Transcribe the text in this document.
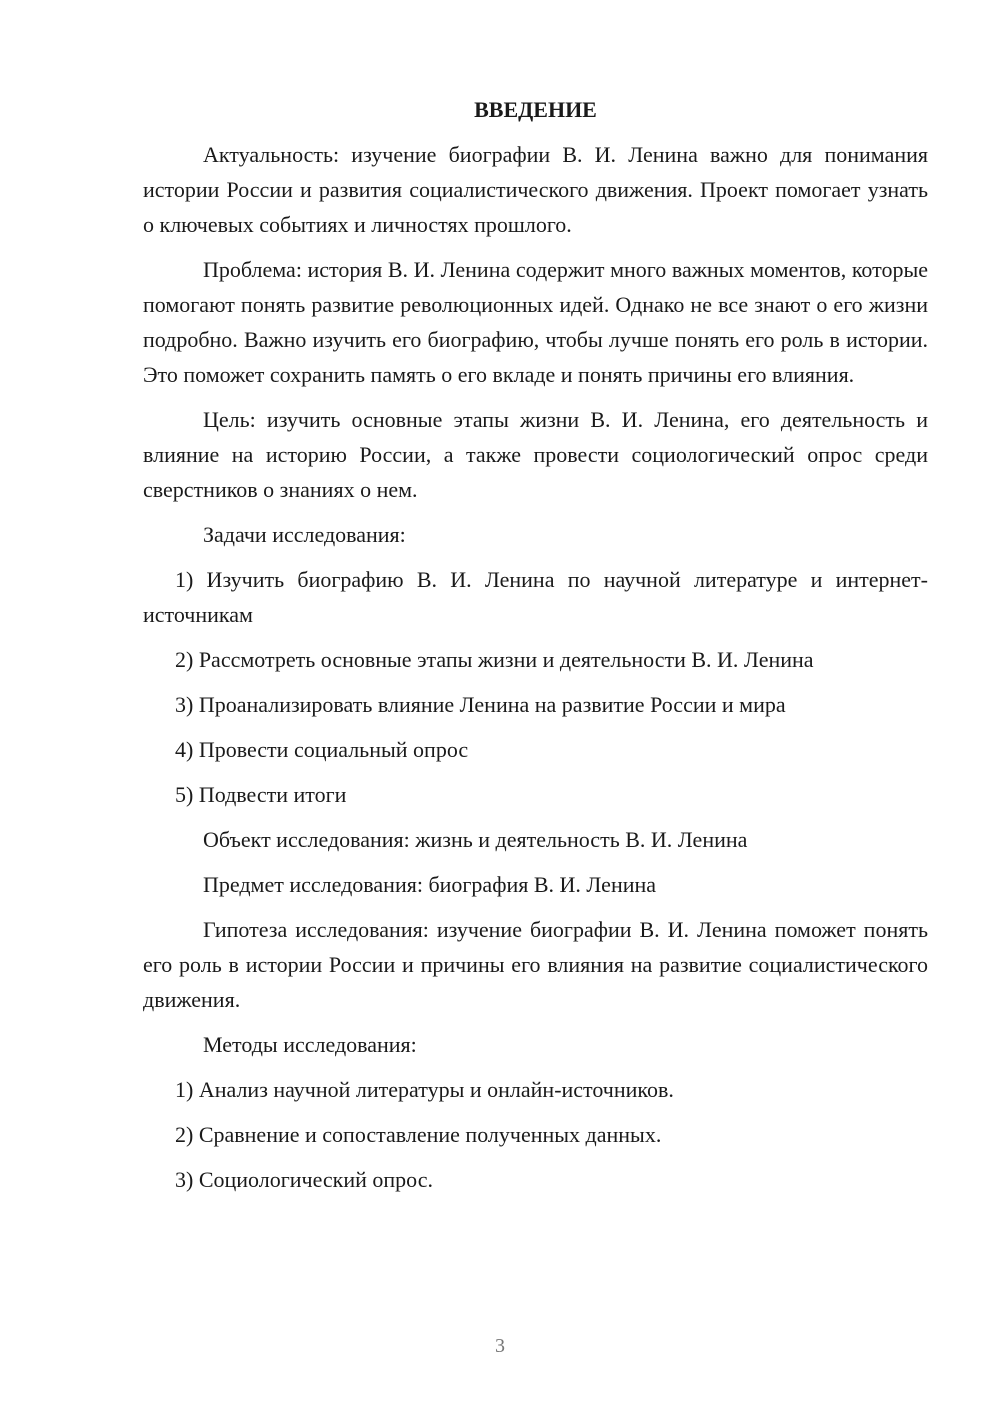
ВВЕДЕНИЕ
Актуальность: изучение биографии В. И. Ленина важно для понимания истории России и развития социалистического движения. Проект помогает узнать о ключевых событиях и личностях прошлого.
Проблема: история В. И. Ленина содержит много важных моментов, которые помогают понять развитие революционных идей. Однако не все знают о его жизни подробно. Важно изучить его биографию, чтобы лучше понять его роль в истории. Это поможет сохранить память о его вкладе и понять причины его влияния.
Цель: изучить основные этапы жизни В. И. Ленина, его деятельность и влияние на историю России, а также провести социологический опрос среди сверстников о знаниях о нем.
Задачи исследования:
1) Изучить биографию В. И. Ленина по научной литературе и интернет-источникам
2) Рассмотреть основные этапы жизни и деятельности В. И. Ленина
3) Проанализировать влияние Ленина на развитие России и мира
4) Провести социальный опрос
5) Подвести итоги
Объект исследования: жизнь и деятельность В. И. Ленина
Предмет исследования: биография В. И. Ленина
Гипотеза исследования: изучение биографии В. И. Ленина поможет понять его роль в истории России и причины его влияния на развитие социалистического движения.
Методы исследования:
1) Анализ научной литературы и онлайн-источников.
2) Сравнение и сопоставление полученных данных.
3) Социологический опрос.
3
